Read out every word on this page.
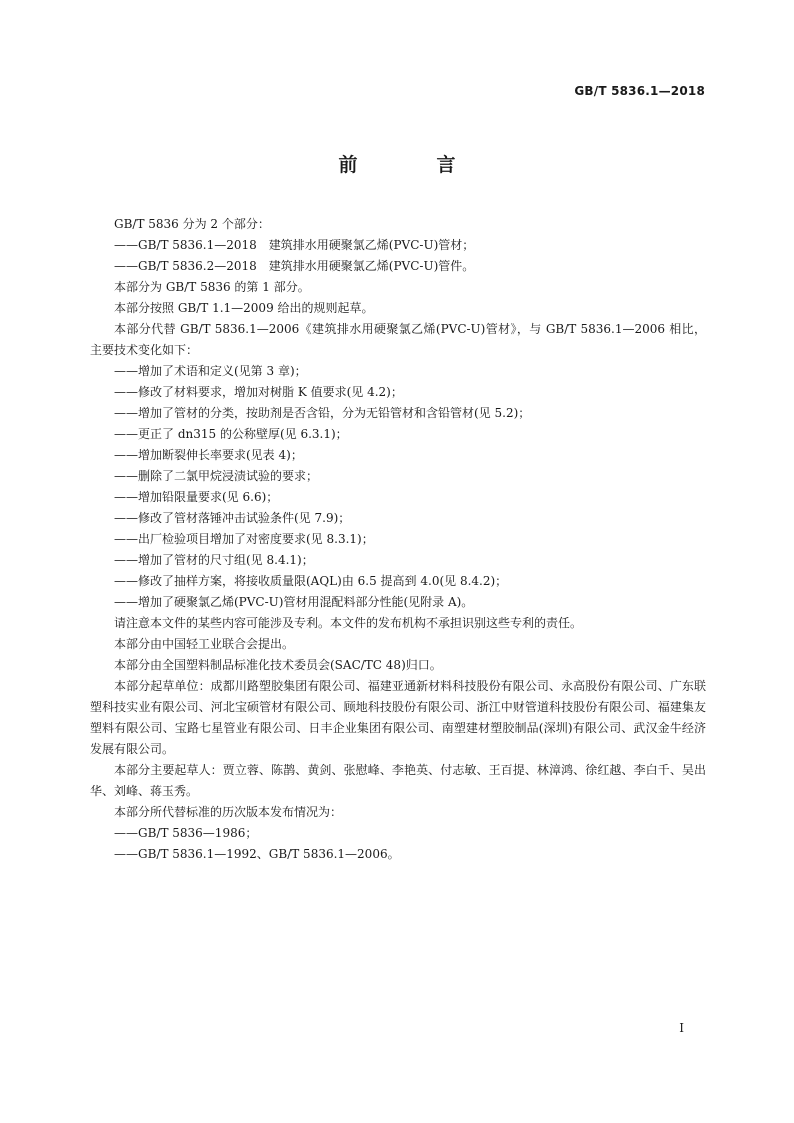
GB/T 5836.1—2018
前　言

GB/T 5836 分为 2 个部分：

——GB/T 5836.1—2018　建筑排水用硬聚氯乙烯(PVC-U)管材；

——GB/T 5836.2—2018　建筑排水用硬聚氯乙烯(PVC-U)管件。

本部分为 GB/T 5836 的第 1 部分。

本部分按照 GB/T 1.1—2009 给出的规则起草。

本部分代替 GB/T 5836.1—2006《建筑排水用硬聚氯乙烯(PVC-U)管材》，与 GB/T 5836.1—2006 相比，主要技术变化如下：

——增加了术语和定义(见第 3 章)；

——修改了材料要求，增加对树脂 K 值要求(见 4.2)；

——增加了管材的分类，按助剂是否含铅，分为无铅管材和含铅管材(见 5.2)；

——更正了 dn315 的公称壁厚(见 6.3.1)；

——增加断裂伸长率要求(见表 4)；

——删除了二氯甲烷浸渍试验的要求；

——增加铅限量要求(见 6.6)；

——修改了管材落锤冲击试验条件(见 7.9)；

——出厂检验项目增加了对密度要求(见 8.3.1)；

——增加了管材的尺寸组(见 8.4.1)；

——修改了抽样方案，将接收质量限(AQL)由 6.5 提高到 4.0(见 8.4.2)；

——增加了硬聚氯乙烯(PVC-U)管材用混配料部分性能(见附录 A)。

请注意本文件的某些内容可能涉及专利。本文件的发布机构不承担识别这些专利的责任。

本部分由中国轻工业联合会提出。

本部分由全国塑料制品标准化技术委员会(SAC/TC 48)归口。

本部分起草单位：成都川路塑胶集团有限公司、福建亚通新材料科技股份有限公司、永高股份有限公司、广东联塑科技实业有限公司、河北宝硕管材有限公司、顾地科技股份有限公司、浙江中财管道科技股份有限公司、福建集友塑料有限公司、宝路七星管业有限公司、日丰企业集团有限公司、南塑建材塑胶制品(深圳)有限公司、武汉金牛经济发展有限公司。

本部分主要起草人：贾立蓉、陈鹊、黄剑、张慰峰、李艳英、付志敏、王百提、林漳鸿、徐红越、李白千、吴出华、刘峰、蒋玉秀。

本部分所代替标准的历次版本发布情况为：

——GB/T 5836—1986；

——GB/T 5836.1—1992、GB/T 5836.1—2006。

I
